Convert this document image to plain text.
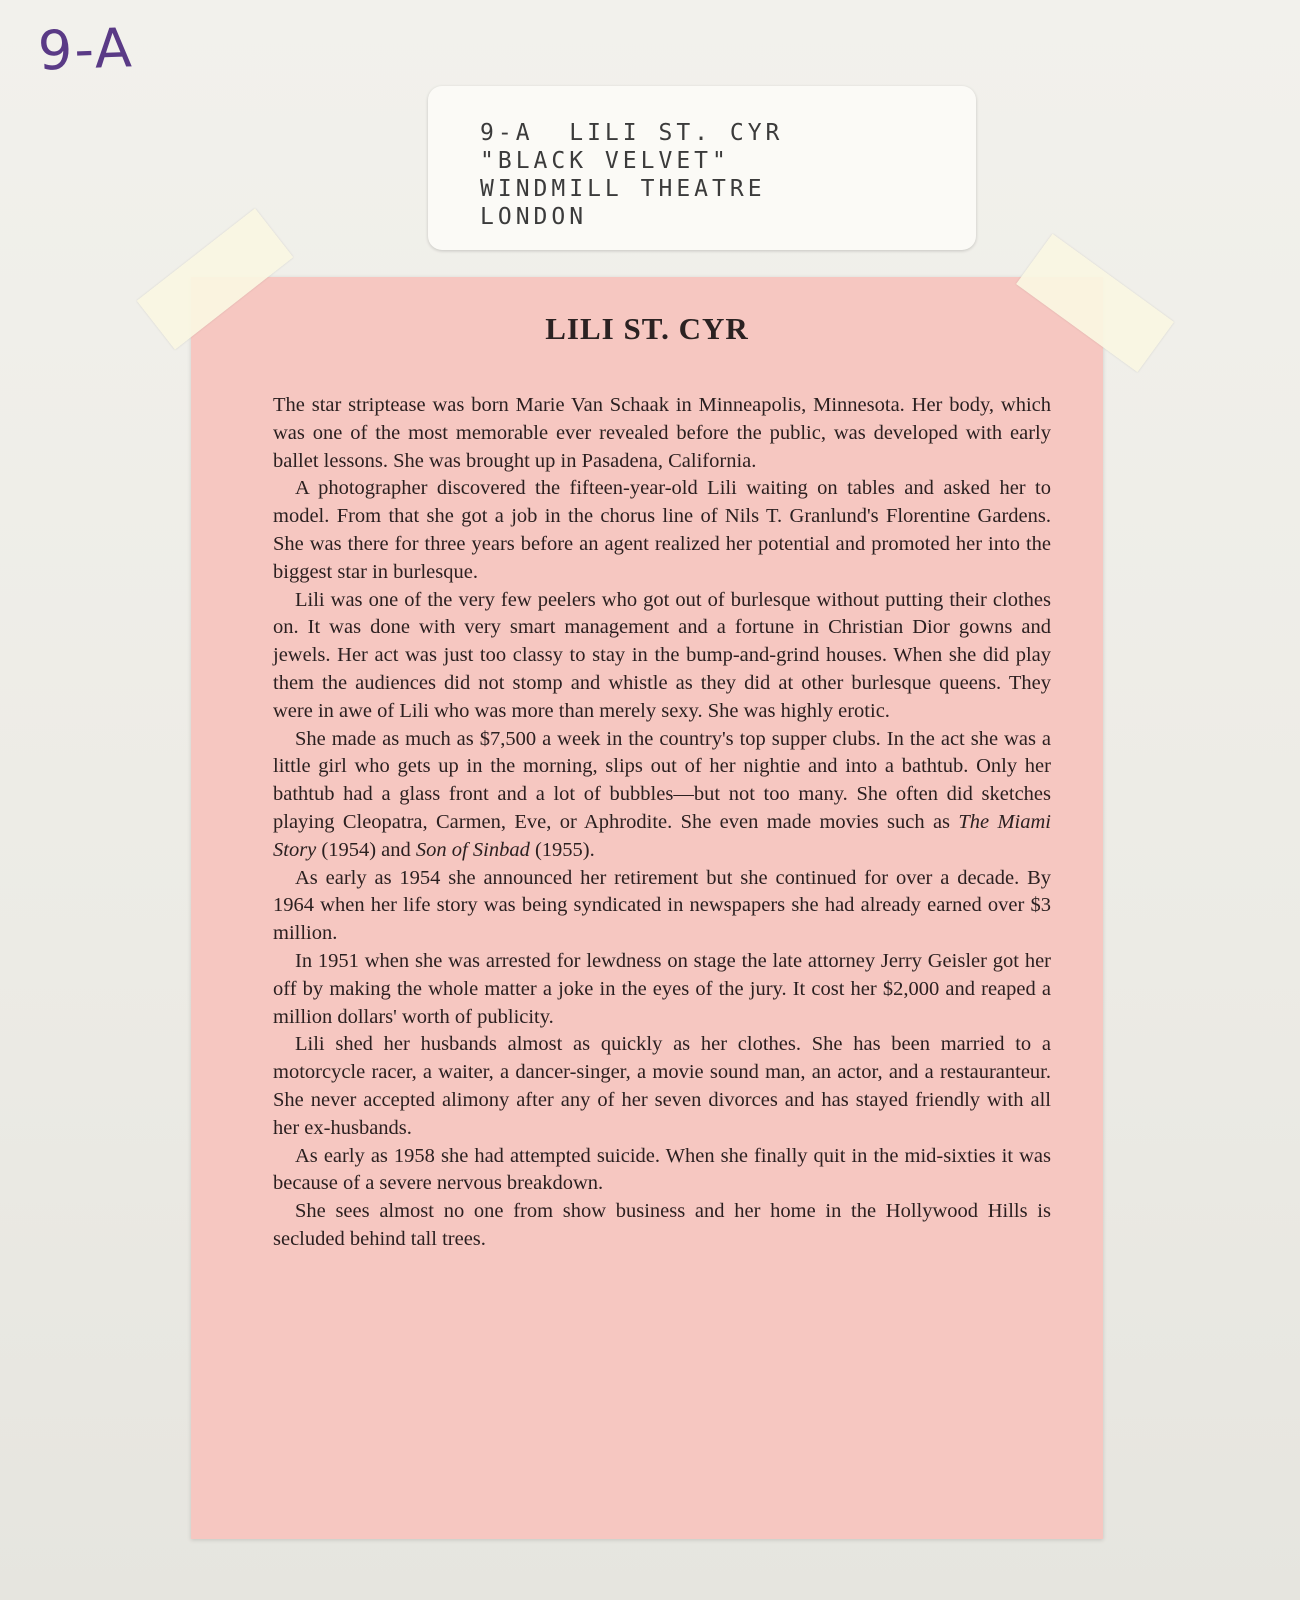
9-A
9-A  LILI ST. CYR
"BLACK VELVET"
WINDMILL THEATRE
LONDON
LILI ST. CYR

The star striptease was born Marie Van Schaak in Minneapolis, Minnesota. Her body, which was one of the most memorable ever revealed before the public, was developed with early ballet lessons. She was brought up in Pasadena, California.

A photographer discovered the fifteen-year-old Lili waiting on tables and asked her to model. From that she got a job in the chorus line of Nils T. Granlund's Florentine Gardens. She was there for three years before an agent realized her potential and promoted her into the biggest star in burlesque.

Lili was one of the very few peelers who got out of burlesque without putting their clothes on. It was done with very smart management and a fortune in Christian Dior gowns and jewels. Her act was just too classy to stay in the bump-and-grind houses. When she did play them the audiences did not stomp and whistle as they did at other burlesque queens. They were in awe of Lili who was more than merely sexy. She was highly erotic.

She made as much as $7,500 a week in the country's top supper clubs. In the act she was a little girl who gets up in the morning, slips out of her nightie and into a bathtub. Only her bathtub had a glass front and a lot of bubbles—but not too many. She often did sketches playing Cleopatra, Carmen, Eve, or Aphrodite. She even made movies such as The Miami Story (1954) and Son of Sinbad (1955).

As early as 1954 she announced her retirement but she continued for over a decade. By 1964 when her life story was being syndicated in newspapers she had already earned over $3 million.

In 1951 when she was arrested for lewdness on stage the late attorney Jerry Geisler got her off by making the whole matter a joke in the eyes of the jury. It cost her $2,000 and reaped a million dollars' worth of publicity.

Lili shed her husbands almost as quickly as her clothes. She has been married to a motorcycle racer, a waiter, a dancer-singer, a movie sound man, an actor, and a restauranteur. She never accepted alimony after any of her seven divorces and has stayed friendly with all her ex-husbands.

As early as 1958 she had attempted suicide. When she finally quit in the mid-sixties it was because of a severe nervous breakdown.

She sees almost no one from show business and her home in the Hollywood Hills is secluded behind tall trees.
